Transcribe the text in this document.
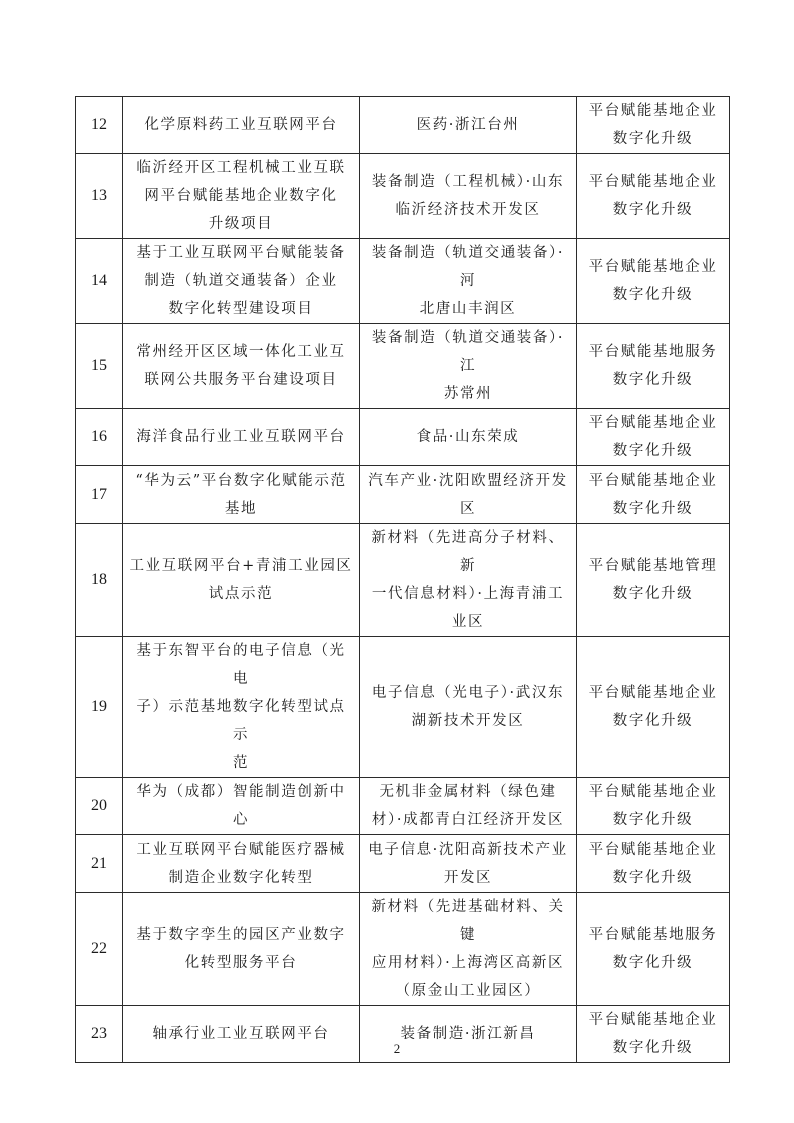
12	化学原料药工业互联网平台	医药·浙江台州	平台赋能基地企业
数字化升级

13	临沂经开区工程机械工业互联
网平台赋能基地企业数字化
升级项目	装备制造（工程机械）·山东
临沂经济技术开发区	平台赋能基地企业
数字化升级

14	基于工业互联网平台赋能装备
制造（轨道交通装备）企业
数字化转型建设项目	装备制造（轨道交通装备）·河
北唐山丰润区	平台赋能基地企业
数字化升级

15	常州经开区区域一体化工业互
联网公共服务平台建设项目	装备制造（轨道交通装备）·江
苏常州	平台赋能基地服务
数字化升级

16	海洋食品行业工业互联网平台	食品·山东荣成	平台赋能基地企业
数字化升级

17	“华为云”平台数字化赋能示范
基地	汽车产业·沈阳欧盟经济开发
区	平台赋能基地企业
数字化升级

18	工业互联网平台+青浦工业园区
试点示范	新材料（先进高分子材料、新
一代信息材料）·上海青浦工
业区	平台赋能基地管理
数字化升级

19	基于东智平台的电子信息（光电
子）示范基地数字化转型试点示
范	电子信息（光电子）·武汉东
湖新技术开发区	平台赋能基地企业
数字化升级

20	华为（成都）智能制造创新中心	无机非金属材料（绿色建
材）·成都青白江经济开发区	平台赋能基地企业
数字化升级

21	工业互联网平台赋能医疗器械
制造企业数字化转型	电子信息·沈阳高新技术产业
开发区	平台赋能基地企业
数字化升级

22	基于数字孪生的园区产业数字
化转型服务平台	新材料（先进基础材料、关键
应用材料）·上海湾区高新区
（原金山工业园区）	平台赋能基地服务
数字化升级

23	轴承行业工业互联网平台	装备制造·浙江新昌	平台赋能基地企业
数字化升级
2
